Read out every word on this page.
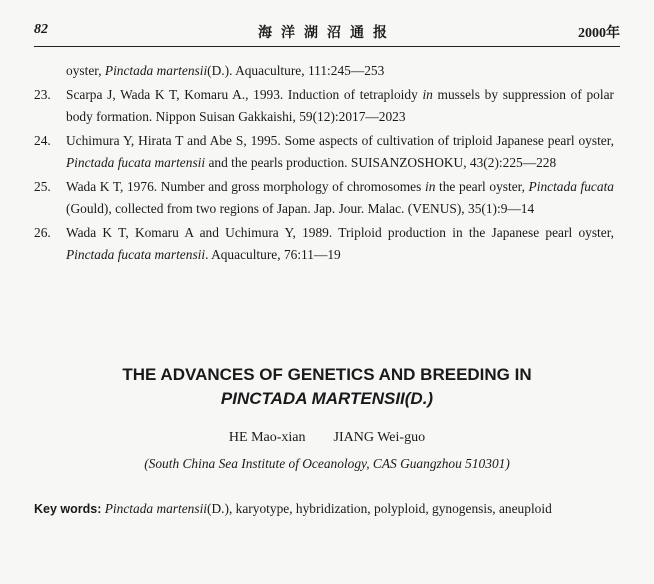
82	海洋湖沼通报	2000年
oyster, Pinctada martensii(D.). Aquaculture, 111:245—253
23. Scarpa J, Wada K T, Komaru A., 1993. Induction of tetraploidy in mussels by suppression of polar body formation. Nippon Suisan Gakkaishi, 59(12):2017—2023
24. Uchimura Y, Hirata T and Abe S, 1995. Some aspects of cultivation of triploid Japanese pearl oyster, Pinctada fucata martensii and the pearls production. SUISANZOSHOKU, 43(2):225—228
25. Wada K T, 1976. Number and gross morphology of chromosomes in the pearl oyster, Pinctada fucata (Gould), collected from two regions of Japan. Jap. Jour. Malac. (VENUS), 35(1):9—14
26. Wada K T, Komaru A and Uchimura Y, 1989. Triploid production in the Japanese pearl oyster, Pinctada fucata martensii. Aquaculture, 76:11—19
THE ADVANCES OF GENETICS AND BREEDING IN
PINCTADA MARTENSII(D.)
HE Mao-xian JIANG Wei-guo
(South China Sea Institute of Oceanology, CAS Guangzhou 510301)
Key words: Pinctada martensii(D.), karyotype, hybridization, polyploid, gynogensis, aneuploid
